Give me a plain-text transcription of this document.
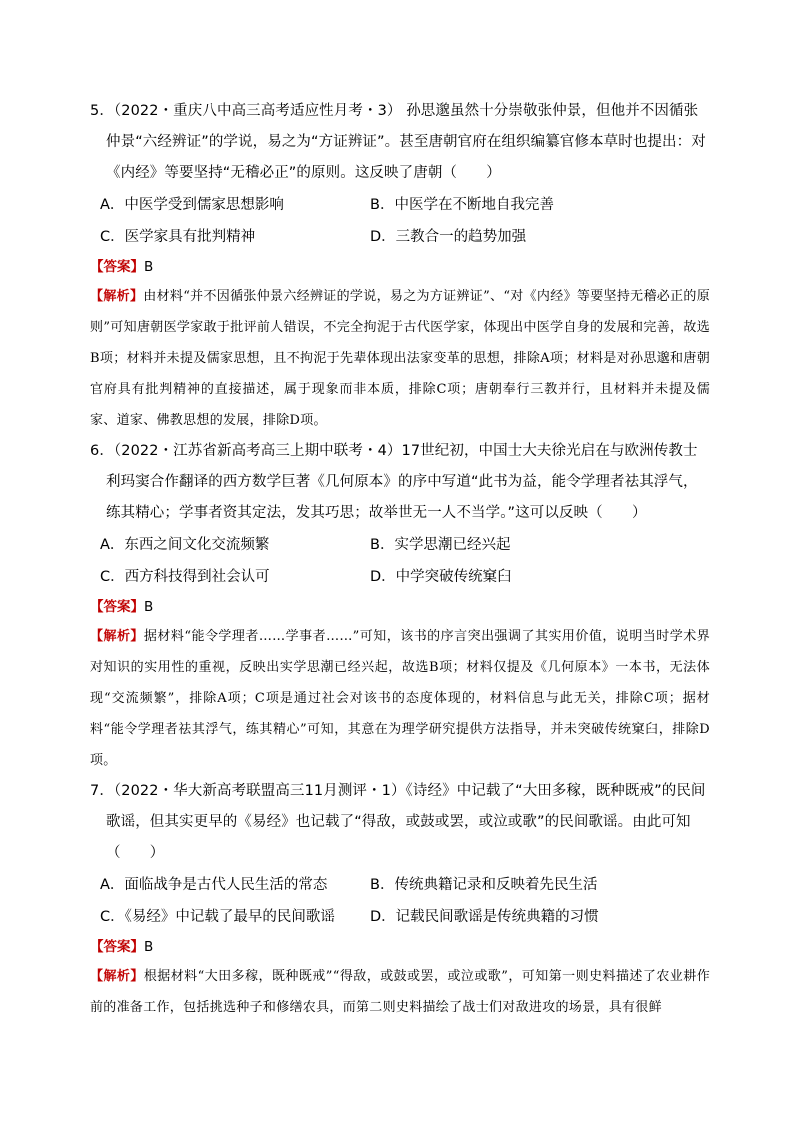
5．（2022・重庆八中高三高考适应性月考・3） 孙思邈虽然十分崇敬张仲景，但他并不因循张仲景“六经辨证”的学说，易之为“方证辨证”。甚至唐朝官府在组织编纂官修本草时也提出：对《内经》等要坚持“无稽必正”的原则。这反映了唐朝（　　）

A．中医学受到儒家思想影响	B．中医学在不断地自我完善
C．医学家具有批判精神	D．三教合一的趋势加强

【答案】B

【解析】由材料“并不因循张仲景六经辨证的学说，易之为方证辨证”、“对《内经》等要坚持无稽必正的原则”可知唐朝医学家敢于批评前人错误，不完全拘泥于古代医学家，体现出中医学自身的发展和完善，故选B项；材料并未提及儒家思想，且不拘泥于先辈体现出法家变革的思想，排除A项；材料是对孙思邈和唐朝官府具有批判精神的直接描述，属于现象而非本质，排除C项；唐朝奉行三教并行，且材料并未提及儒家、道家、佛教思想的发展，排除D项。

6．（2022・江苏省新高考高三上期中联考・4）17世纪初，中国士大夫徐光启在与欧洲传教士利玛窦合作翻译的西方数学巨著《几何原本》的序中写道“此书为益，能令学理者祛其浮气，练其精心；学事者资其定法，发其巧思；故举世无一人不当学。”这可以反映（　　）

A．东西之间文化交流频繁	B．实学思潮已经兴起
C．西方科技得到社会认可	D．中学突破传统窠臼

【答案】B

【解析】据材料“能令学理者……学事者……”可知，该书的序言突出强调了其实用价值，说明当时学术界对知识的实用性的重视，反映出实学思潮已经兴起，故选B项；材料仅提及《几何原本》一本书，无法体现“交流频繁”，排除A项；C项是通过社会对该书的态度体现的，材料信息与此无关，排除C项；据材料“能令学理者祛其浮气，练其精心”可知，其意在为理学研究提供方法指导，并未突破传统窠臼，排除D项。

7．（2022・华大新高考联盟高三11月测评・1）《诗经》中记载了“大田多稼，既种既戒”的民间歌谣，但其实更早的《易经》也记载了“得敌，或鼓或罢，或泣或歌”的民间歌谣。由此可知（　　）

A．面临战争是古代人民生活的常态	B．传统典籍记录和反映着先民生活
C．《易经》中记载了最早的民间歌谣 D．记载民间歌谣是传统典籍的习惯

【答案】B

【解析】根据材料“大田多稼，既种既戒”“得敌，或鼓或罢，或泣或歌”，可知第一则史料描述了农业耕作前的准备工作，包括挑选种子和修缮农具，而第二则史料描绘了战士们对敌进攻的场景，具有很鲜
